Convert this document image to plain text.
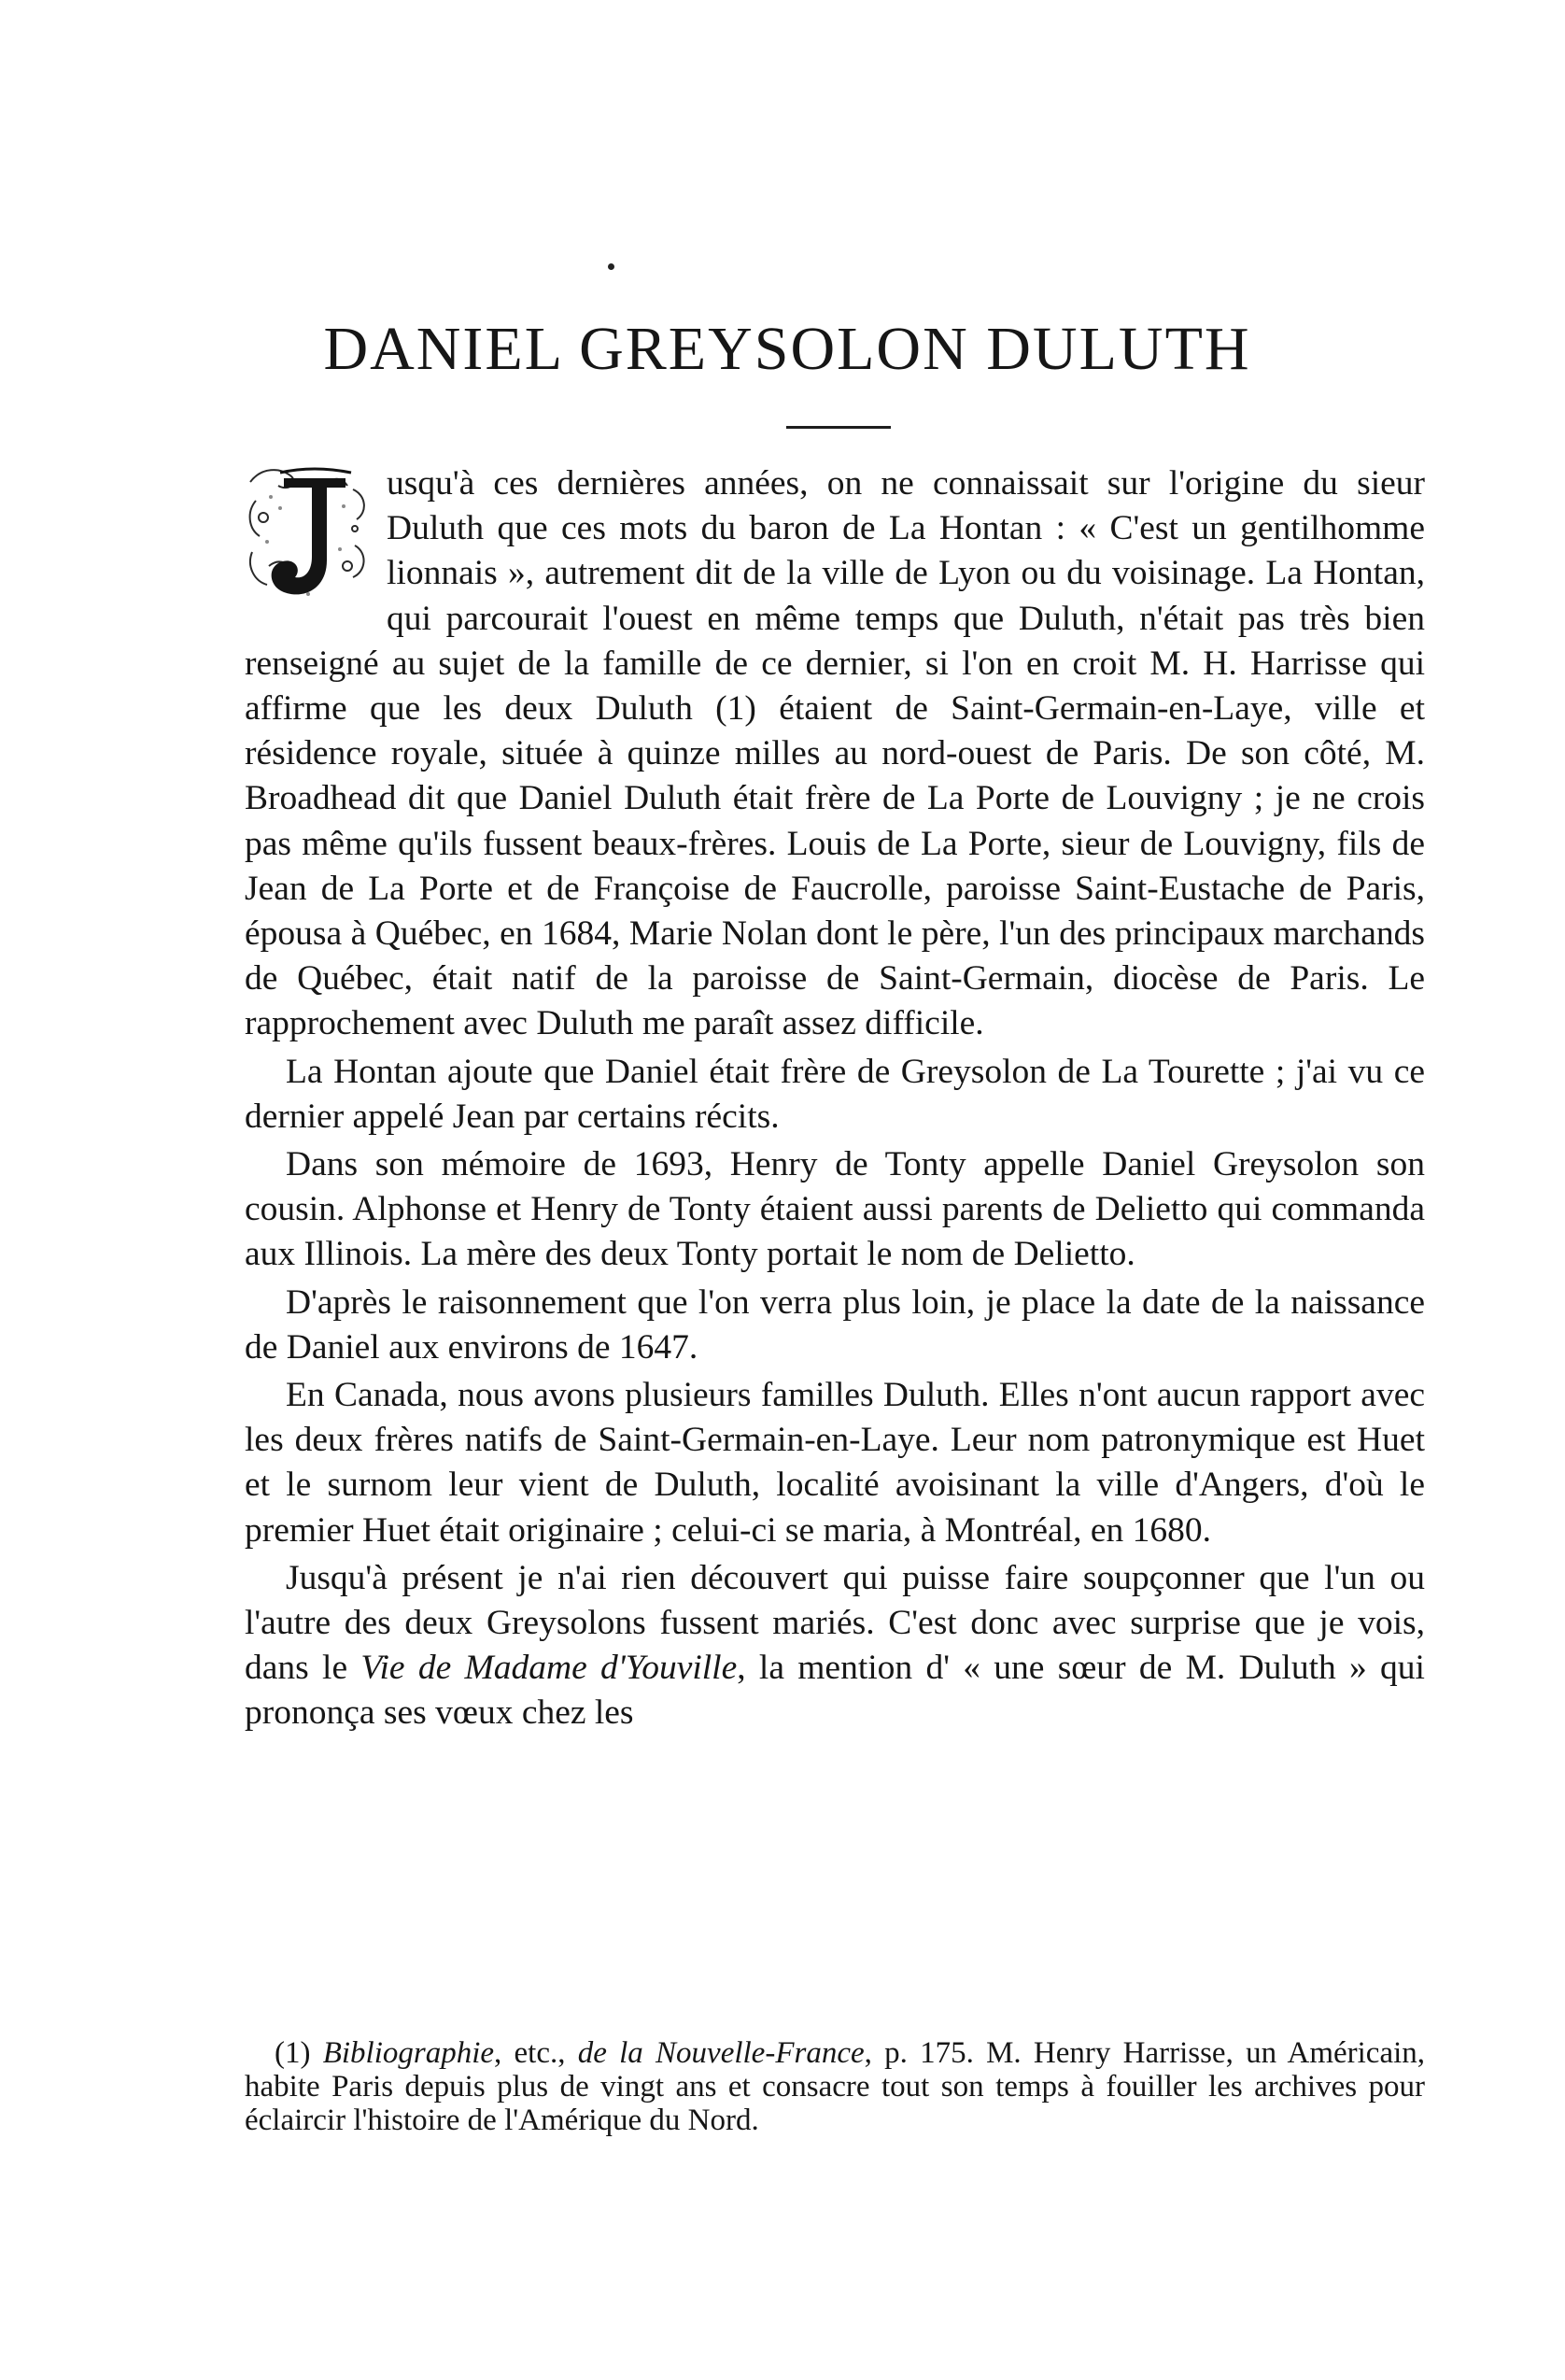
DANIEL GREYSOLON DULUTH

usqu'à ces dernières années, on ne connaissait sur l'origine du sieur Duluth que ces mots du baron de La Hontan : « C'est un gentilhomme lionnais », autrement dit de la ville de Lyon ou du voisinage. La Hontan, qui parcourait l'ouest en même temps que Duluth, n'était pas très bien renseigné au sujet de la famille de ce dernier, si l'on en croit M. H. Harrisse qui affirme que les deux Duluth (1) étaient de Saint-Germain-en-Laye, ville et résidence royale, située à quinze milles au nord-ouest de Paris. De son côté, M. Broadhead dit que Daniel Duluth était frère de La Porte de Louvigny ; je ne crois pas même qu'ils fussent beaux-frères. Louis de La Porte, sieur de Louvigny, fils de Jean de La Porte et de Françoise de Faucrolle, paroisse Saint-Eustache de Paris, épousa à Québec, en 1684, Marie Nolan dont le père, l'un des principaux marchands de Québec, était natif de la paroisse de Saint-Germain, diocèse de Paris. Le rapprochement avec Duluth me paraît assez difficile.

La Hontan ajoute que Daniel était frère de Greysolon de La Tourette ; j'ai vu ce dernier appelé Jean par certains récits.

Dans son mémoire de 1693, Henry de Tonty appelle Daniel Greysolon son cousin. Alphonse et Henry de Tonty étaient aussi parents de Delietto qui commanda aux Illinois. La mère des deux Tonty portait le nom de Delietto.

D'après le raisonnement que l'on verra plus loin, je place la date de la naissance de Daniel aux environs de 1647.

En Canada, nous avons plusieurs familles Duluth. Elles n'ont aucun rapport avec les deux frères natifs de Saint-Germain-en-Laye. Leur nom patronymique est Huet et le surnom leur vient de Duluth, localité avoisinant la ville d'Angers, d'où le premier Huet était originaire ; celui-ci se maria, à Montréal, en 1680.

Jusqu'à présent je n'ai rien découvert qui puisse faire soupçonner que l'un ou l'autre des deux Greysolons fussent mariés. C'est donc avec surprise que je vois, dans le Vie de Madame d'Youville, la mention d' « une sœur de M. Duluth » qui prononça ses vœux chez les

(1) Bibliographie, etc., de la Nouvelle-France, p. 175. M. Henry Harrisse, un Américain, habite Paris depuis plus de vingt ans et consacre tout son temps à fouiller les archives pour éclaircir l'histoire de l'Amérique du Nord.
